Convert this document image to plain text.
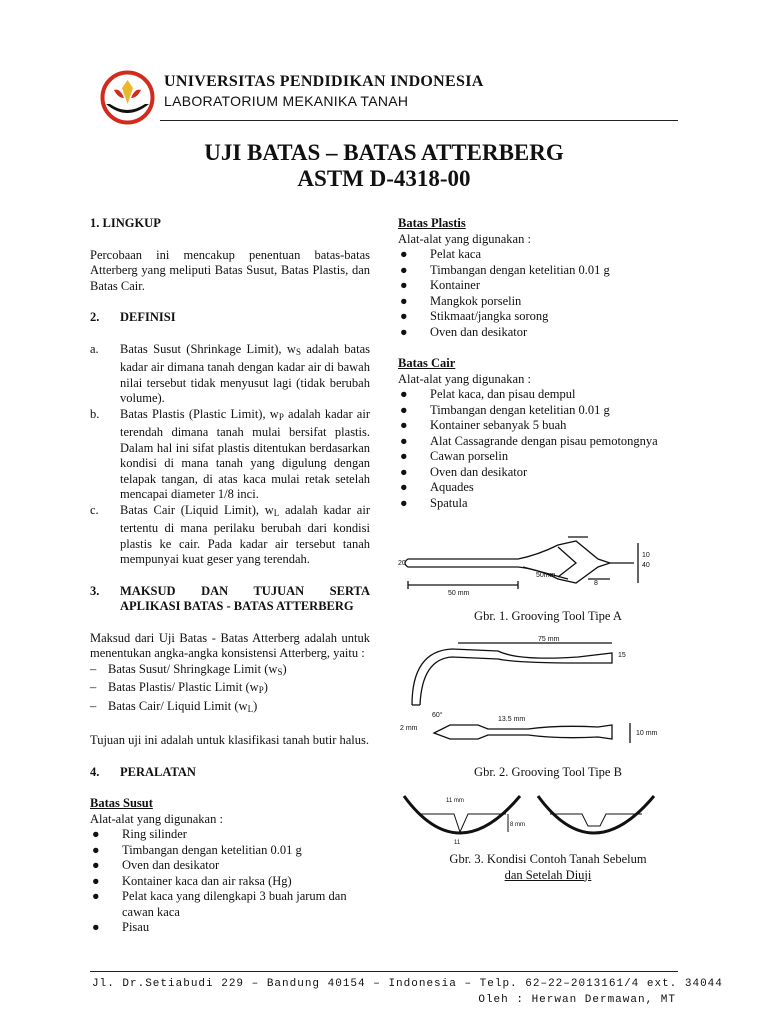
UNIVERSITAS PENDIDIKAN INDONESIA
LABORATORIUM MEKANIKA TANAH
UJI BATAS – BATAS ATTERBERG
ASTM D-4318-00

1. LINGKUP

Percobaan ini mencakup penentuan batas-batas Atterberg yang meliputi Batas Susut, Batas Plastis, dan Batas Cair.

2.	DEFINISI
a.	Batas Susut (Shrinkage Limit), $w_S$ adalah batas kadar air dimana tanah dengan kadar air di bawah nilai tersebut tidak menyusut lagi (tidak berubah volume).
b.	Batas Plastis (Plastic Limit), $w_P$ adalah kadar air terendah dimana tanah mulai bersifat plastis. Dalam hal ini sifat plastis ditentukan berdasarkan kondisi di mana tanah yang digulung dengan telapak tangan, di atas kaca mulai retak setelah mencapai diameter 1/8 inci.
c.	Batas Cair (Liquid Limit), $w_L$ adalah kadar air tertentu di mana perilaku berubah dari kondisi plastis ke cair. Pada kadar air tersebut tanah mempunyai kuat geser yang terendah.
3.	MAKSUD DAN TUJUAN SERTA
APLIKASI BATAS - BATAS ATTERBERG

Maksud dari Uji Batas - Batas Atterberg adalah untuk menentukan angka-angka konsistensi Atterberg, yaitu :

– Batas Susut/ Shringkage Limit $(w_S)$
– Batas Plastis/ Plastic Limit $(w_P)$
– Batas Cair/ Liquid Limit $(w_L)$

Tujuan uji ini adalah untuk klasifikasi tanah butir halus.

4.	PERALATAN

Batas Susut

Alat-alat yang digunakan :

●	Ring silinder
●	Timbangan dengan ketelitian 0.01 g
●	Oven dan desikator
●	Kontainer kaca dan air raksa (Hg)
●	Pelat kaca yang dilengkapi 3 buah jarum dan cawan kaca
●	Pisau

Batas Plastis

Alat-alat yang digunakan :

●	Pelat kaca
●	Timbangan dengan ketelitian 0.01 g
●	Kontainer
●	Mangkok porselin
●	Stikmaat/jangka sorong
●	Oven dan desikator

Batas Cair

Alat-alat yang digunakan :

●	Pelat kaca, dan pisau dempul
●	Timbangan dengan ketelitian 0.01 g
●	Kontainer sebanyak 5 buah
●	Alat Cassagrande dengan pisau pemotongnya
●	Cawan porselin
●	Oven dan desikator
●	Aquades
●	Spatula
20
50 mm
50mm
10
40
8
Gbr. 1. Grooving Tool Tipe A
75 mm
15
13.5 mm
2 mm
10 mm
60°
Gbr. 2. Grooving Tool Tipe B
11 mm
8 mm
11
Gbr. 3. Kondisi Contoh Tanah Sebelum
dan Setelah Diuji
Jl. Dr.Setiabudi 229 – Bandung 40154 – Indonesia – Telp. 62–22–2013161/4 ext. 34044
Oleh : Herwan Dermawan, MT
